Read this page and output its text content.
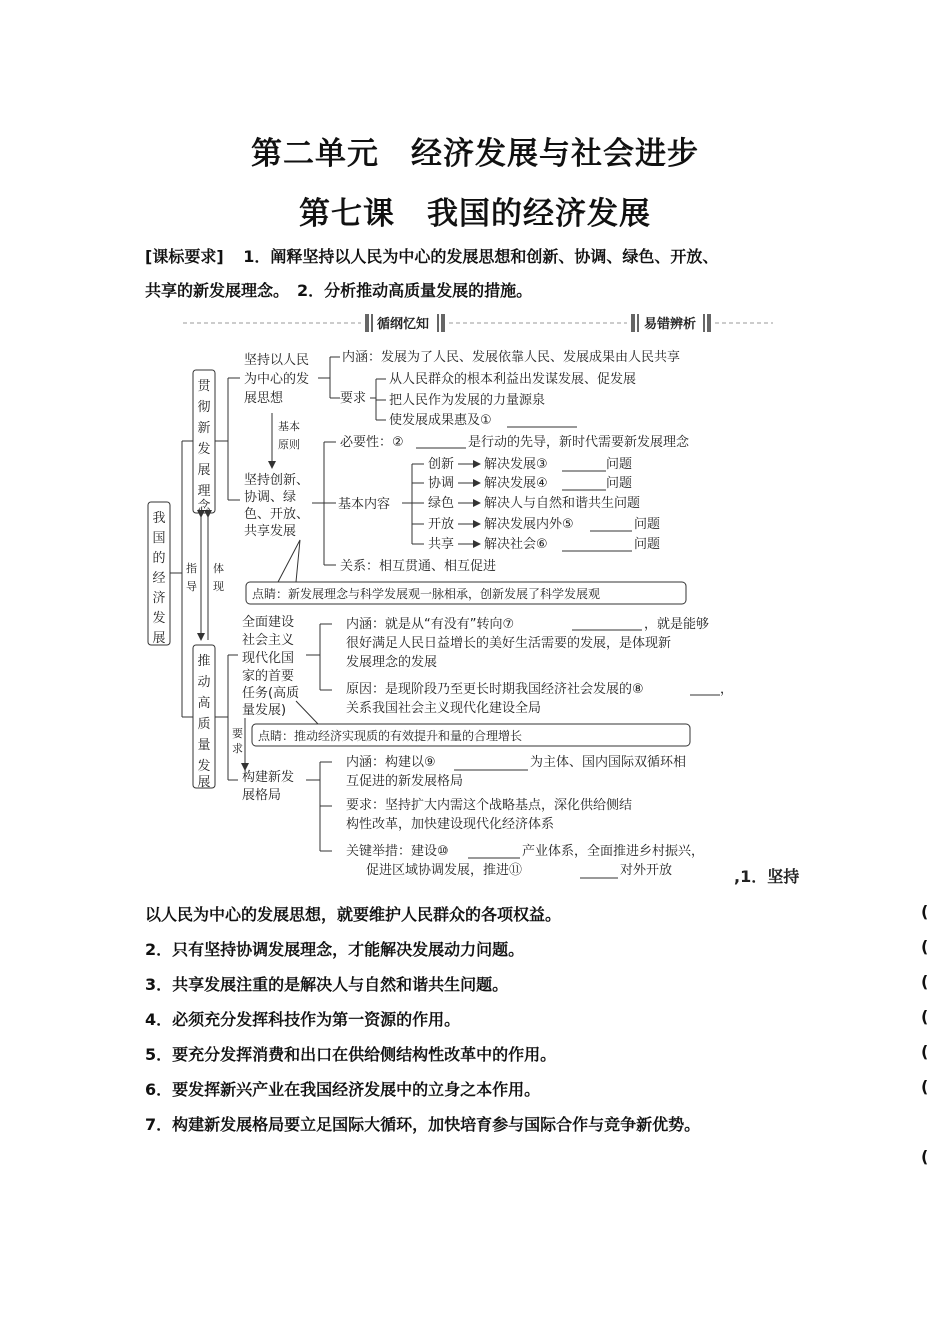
第二单元　经济发展与社会进步
第七课　我国的经济发展
[课标要求] 1．阐释坚持以人民为中心的发展思想和创新、协调、绿色、开放、
共享的新发展理念。　2．分析推动高质量发展的措施。
循纲忆知	易错辨析
我
国
的
经
济
发
展
贯
彻
新
发
展
理
念
推
动
高
质
量
发
展
指
导
体
现
坚持以人民
为中心的发
展思想
基本
原则
内涵：发展为了人民、发展依靠人民、发展成果由人民共享
要求
从人民群众的根本利益出发谋发展、促发展
把人民作为发展的力量源泉
使发展成果惠及①
坚持创新、
协调、绿
色、开放、
共享发展
必要性：②	是行动的先导，新时代需要新发展理念
基本内容
创新 解决发展③	问题
协调 解决发展④	问题
绿色 解决人与自然和谐共生问题
开放 解决发展内外⑤	问题
共享 解决社会⑥	问题
关系：相互贯通、相互促进
点睛：新发展理念与科学发展观一脉相承，创新发展了科学发展观
全面建设
社会主义
现代化国
家的首要
任务(高质
量发展)
内涵：就是从“有没有”转向⑦	，就是能够
很好满足人民日益增长的美好生活需要的发展，是体现新
发展理念的发展
原因：是现阶段乃至更长时期我国经济社会发展的⑧	，
关系我国社会主义现代化建设全局
要
求
点睛：推动经济实现质的有效提升和量的合理增长
构建新发
展格局
内涵：构建以⑨	为主体、国内国际双循环相
互促进的新发展格局
要求：坚持扩大内需这个战略基点，深化供给侧结
构性改革，加快建设现代化经济体系
关键举措：建设⑩	产业体系，全面推进乡村振兴，
促进区域协调发展，推进⑪	对外开放	,1．坚持
以人民为中心的发展思想，就要维护人民群众的各项权益。
2．只有坚持协调发展理念，才能解决发展动力问题。
3．共享发展注重的是解决人与自然和谐共生问题。
4．必须充分发挥科技作为第一资源的作用。
5．要充分发挥消费和出口在供给侧结构性改革中的作用。
6．要发挥新兴产业在我国经济发展中的立身之本作用。
7．构建新发展格局要立足国际大循环，加快培育参与国际合作与竞争新优势。
(
(
(
(
(
(
(
